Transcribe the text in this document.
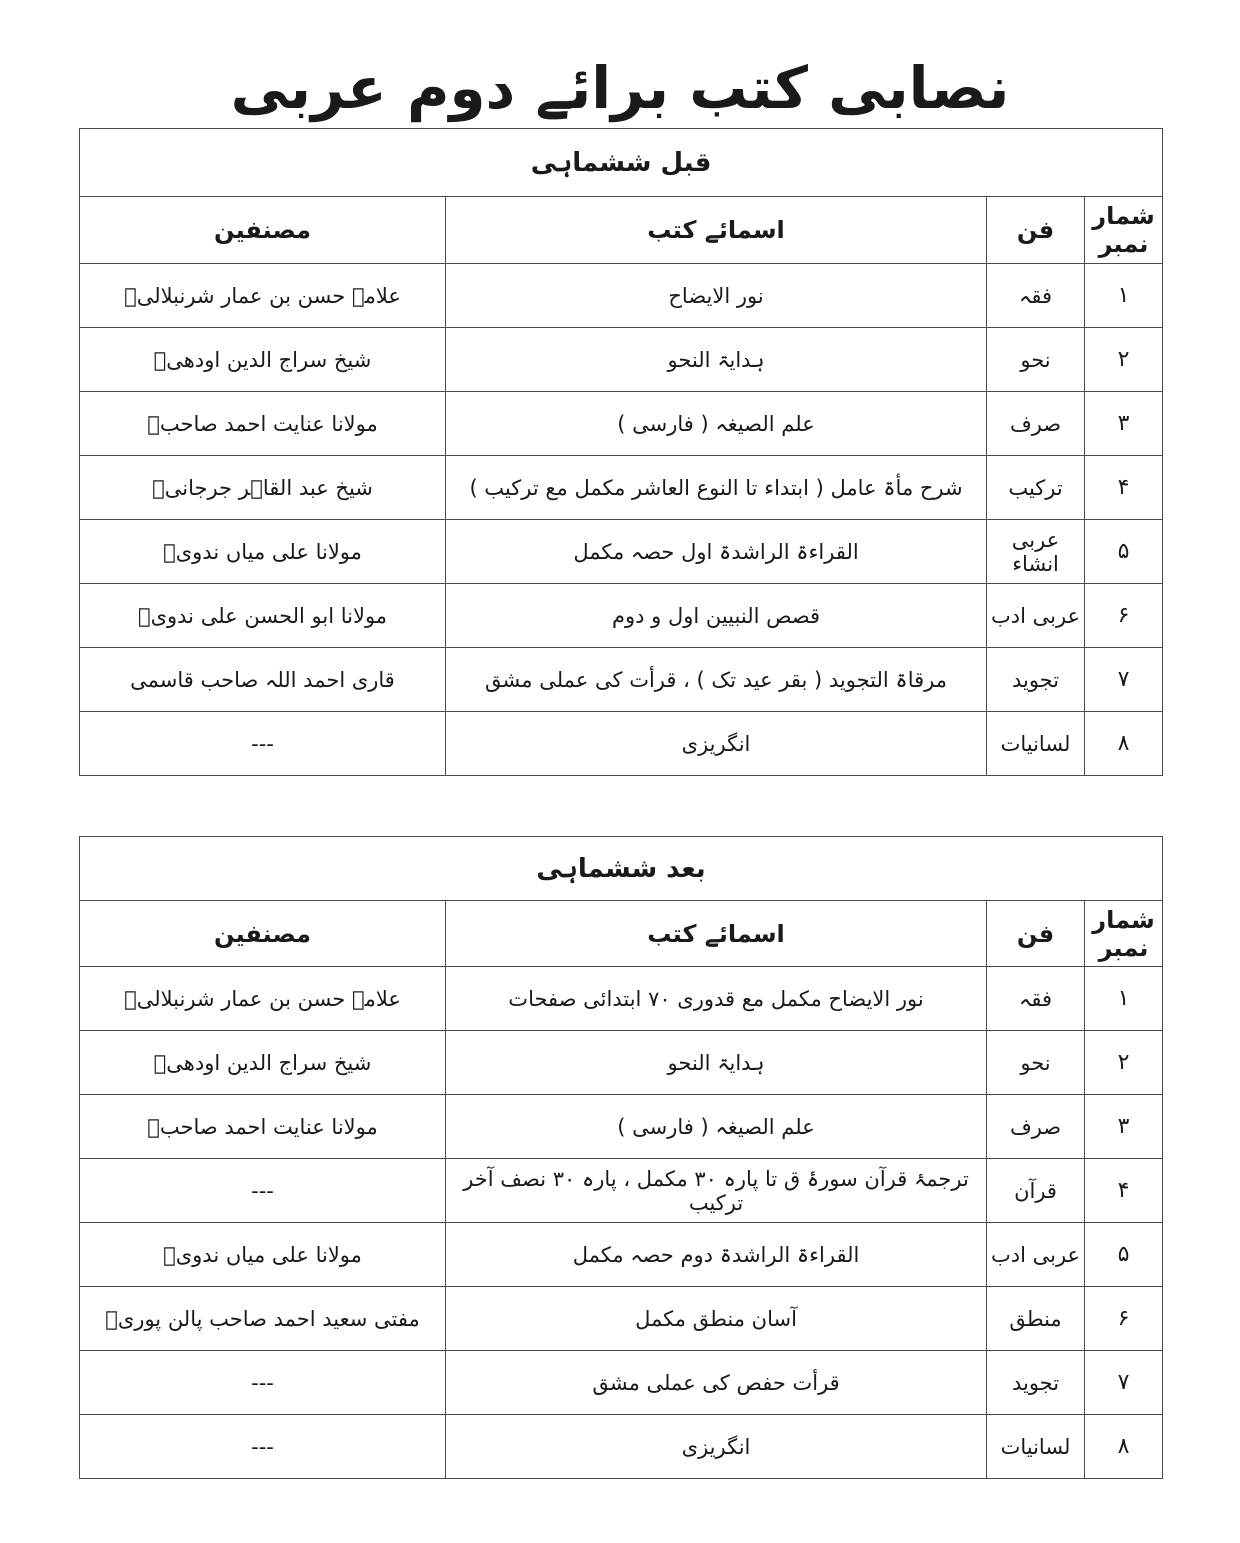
نصابی کتب برائے دوم عربی
قبل ششماہی			
شمار نمبر	فن	اسمائے کتب	مصنفین
۱	فقہ	نور الایضاح	علامہ حسن بن عمار شرنبلالیؒ
۲	نحو	ہدایۃ النحو	شیخ سراج الدین اودھیؒ
۳	صرف	علم الصیغہ ( فارسی )	مولانا عنایت احمد صاحبؒ
۴	ترکیب	شرح مأۃ عامل ( ابتداء تا النوع العاشر مکمل مع ترکیب )	شیخ عبد القاہر جرجانیؒ
۵	عربی انشاء	القراءۃ الراشدۃ اول حصہ مکمل	مولانا علی میاں ندویؒ
۶	عربی ادب	قصص النبیین اول و دوم	مولانا ابو الحسن علی ندویؒ
۷	تجوید	مرقاۃ التجوید ( بقر عید تک ) ، قرأت کی عملی مشق	قاری احمد اللہ صاحب قاسمی
۸	لسانیات	انگریزی	---
بعد ششماہی			
شمار نمبر	فن	اسمائے کتب	مصنفین
۱	فقہ	نور الایضاح مکمل مع قدوری ۷۰ ابتدائی صفحات	علامہ حسن بن عمار شرنبلالیؒ
۲	نحو	ہدایۃ النحو	شیخ سراج الدین اودھیؒ
۳	صرف	علم الصیغہ ( فارسی )	مولانا عنایت احمد صاحبؒ
۴	قرآن	ترجمۂ قرآن سورۂ ق تا پارہ ۳۰ مکمل ، پارہ ۳۰ نصف آخر ترکیب	---
۵	عربی ادب	القراءۃ الراشدۃ دوم حصہ مکمل	مولانا علی میاں ندویؒ
۶	منطق	آسان منطق مکمل	مفتی سعید احمد صاحب پالن پوریؒ
۷	تجوید	قرأت حفص کی عملی مشق	---
۸	لسانیات	انگریزی	---
